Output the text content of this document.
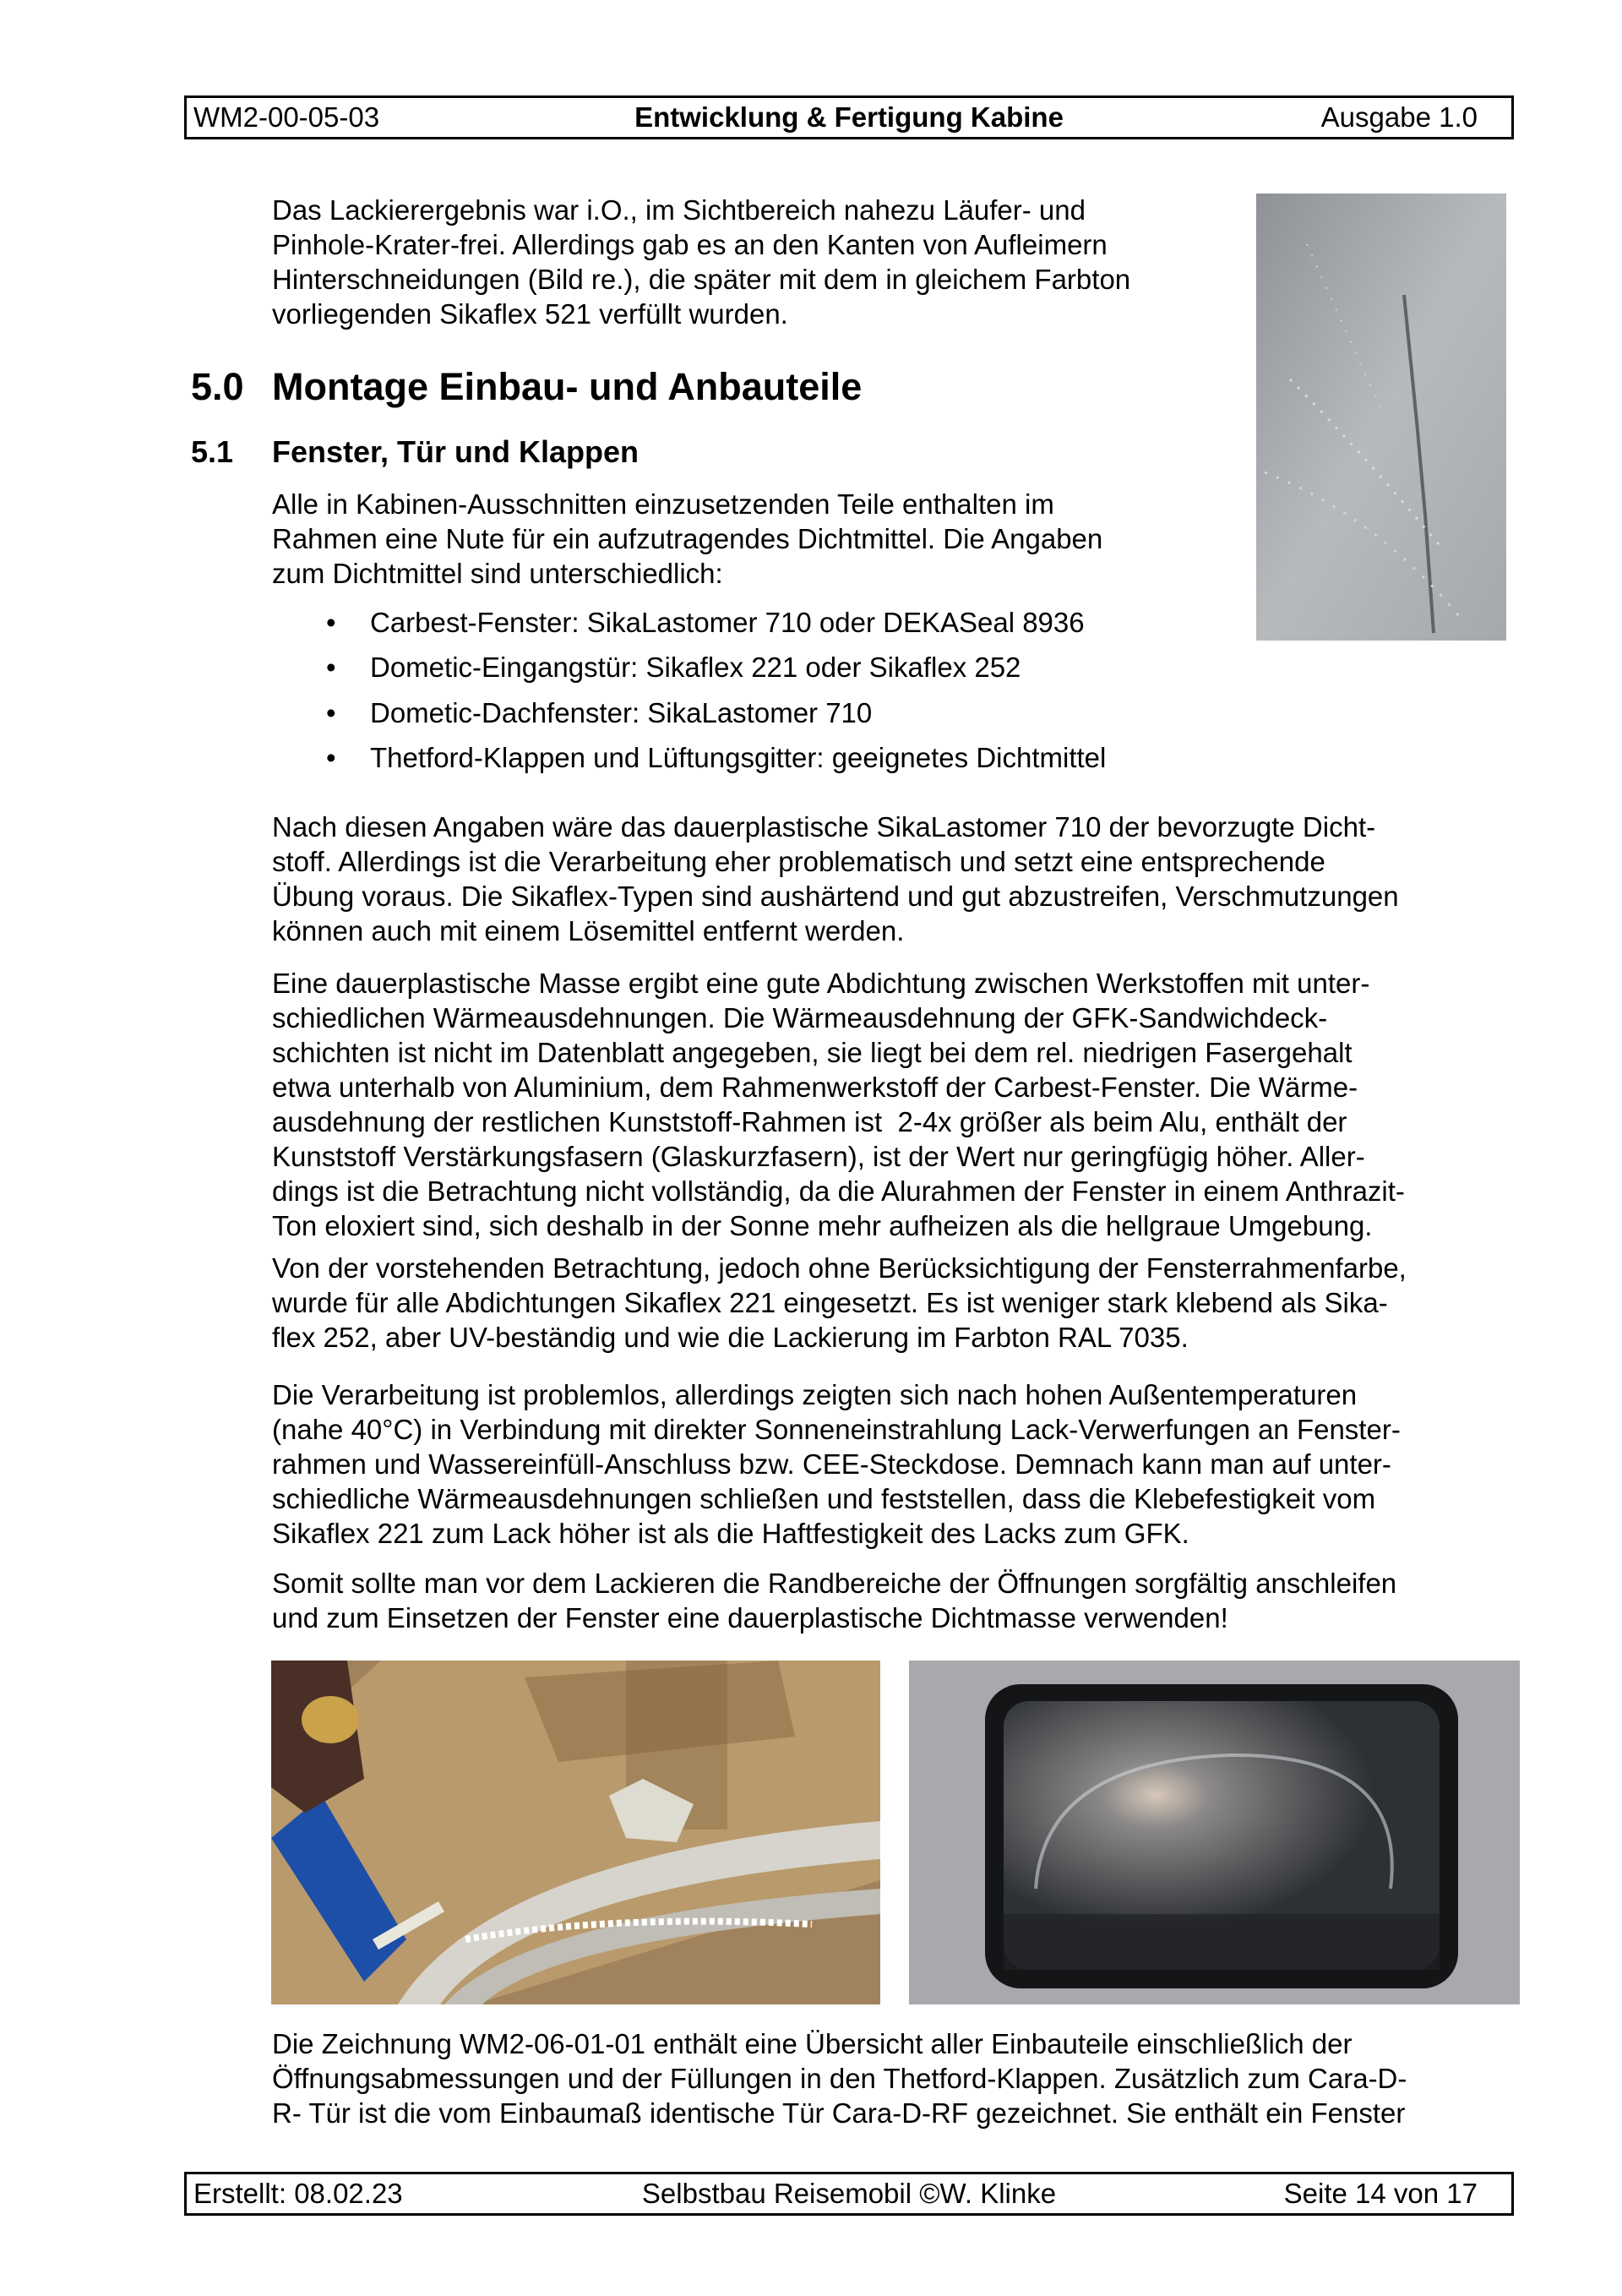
WM2-00-05-03	Entwicklung & Fertigung Kabine	Ausgabe 1.0

Das Lackierergebnis war i.O., im Sichtbereich nahezu Läufer- und
Pinhole-Krater-frei. Allerdings gab es an den Kanten von Aufleimern
Hinterschneidungen (Bild re.), die später mit dem in gleichem Farbton
vorliegenden Sikaflex 521 verfüllt wurden.

5.0 Montage Einbau- und Anbauteile
5.1 Fenster, Tür und Klappen

Alle in Kabinen-Ausschnitten einzusetzenden Teile enthalten im
Rahmen eine Nute für ein aufzutragendes Dichtmittel. Die Angaben
zum Dichtmittel sind unterschiedlich:

• Carbest-Fenster: SikaLastomer 710 oder DEKASeal 8936
• Dometic-Eingangstür: Sikaflex 221 oder Sikaflex 252
• Dometic-Dachfenster: SikaLastomer 710
• Thetford-Klappen und Lüftungsgitter: geeignetes Dichtmittel

Nach diesen Angaben wäre das dauerplastische SikaLastomer 710 der bevorzugte Dicht-
stoff. Allerdings ist die Verarbeitung eher problematisch und setzt eine entsprechende
Übung voraus. Die Sikaflex-Typen sind aushärtend und gut abzustreifen, Verschmutzungen
können auch mit einem Lösemittel entfernt werden.

Eine dauerplastische Masse ergibt eine gute Abdichtung zwischen Werkstoffen mit unter-
schiedlichen Wärmeausdehnungen. Die Wärmeausdehnung der GFK-Sandwichdeck-
schichten ist nicht im Datenblatt angegeben, sie liegt bei dem rel. niedrigen Fasergehalt
etwa unterhalb von Aluminium, dem Rahmenwerkstoff der Carbest-Fenster. Die Wärme-
ausdehnung der restlichen Kunststoff-Rahmen ist  2-4x größer als beim Alu, enthält der
Kunststoff Verstärkungsfasern (Glaskurzfasern), ist der Wert nur geringfügig höher. Aller-
dings ist die Betrachtung nicht vollständig, da die Alurahmen der Fenster in einem Anthrazit-
Ton eloxiert sind, sich deshalb in der Sonne mehr aufheizen als die hellgraue Umgebung.

Von der vorstehenden Betrachtung, jedoch ohne Berücksichtigung der Fensterrahmenfarbe,
wurde für alle Abdichtungen Sikaflex 221 eingesetzt. Es ist weniger stark klebend als Sika-
flex 252, aber UV-beständig und wie die Lackierung im Farbton RAL 7035.

Die Verarbeitung ist problemlos, allerdings zeigten sich nach hohen Außentemperaturen
(nahe 40°C) in Verbindung mit direkter Sonneneinstrahlung Lack-Verwerfungen an Fenster-
rahmen und Wassereinfüll-Anschluss bzw. CEE-Steckdose. Demnach kann man auf unter-
schiedliche Wärmeausdehnungen schließen und feststellen, dass die Klebefestigkeit vom
Sikaflex 221 zum Lack höher ist als die Haftfestigkeit des Lacks zum GFK.

Somit sollte man vor dem Lackieren die Randbereiche der Öffnungen sorgfältig anschleifen
und zum Einsetzen der Fenster eine dauerplastische Dichtmasse verwenden!

Die Zeichnung WM2-06-01-01 enthält eine Übersicht aller Einbauteile einschließlich der
Öffnungsabmessungen und der Füllungen in den Thetford-Klappen. Zusätzlich zum Cara-D-
R- Tür ist die vom Einbaumaß identische Tür Cara-D-RF gezeichnet. Sie enthält ein Fenster

Erstellt: 08.02.23	Selbstbau Reisemobil ©W. Klinke	Seite 14 von 17
